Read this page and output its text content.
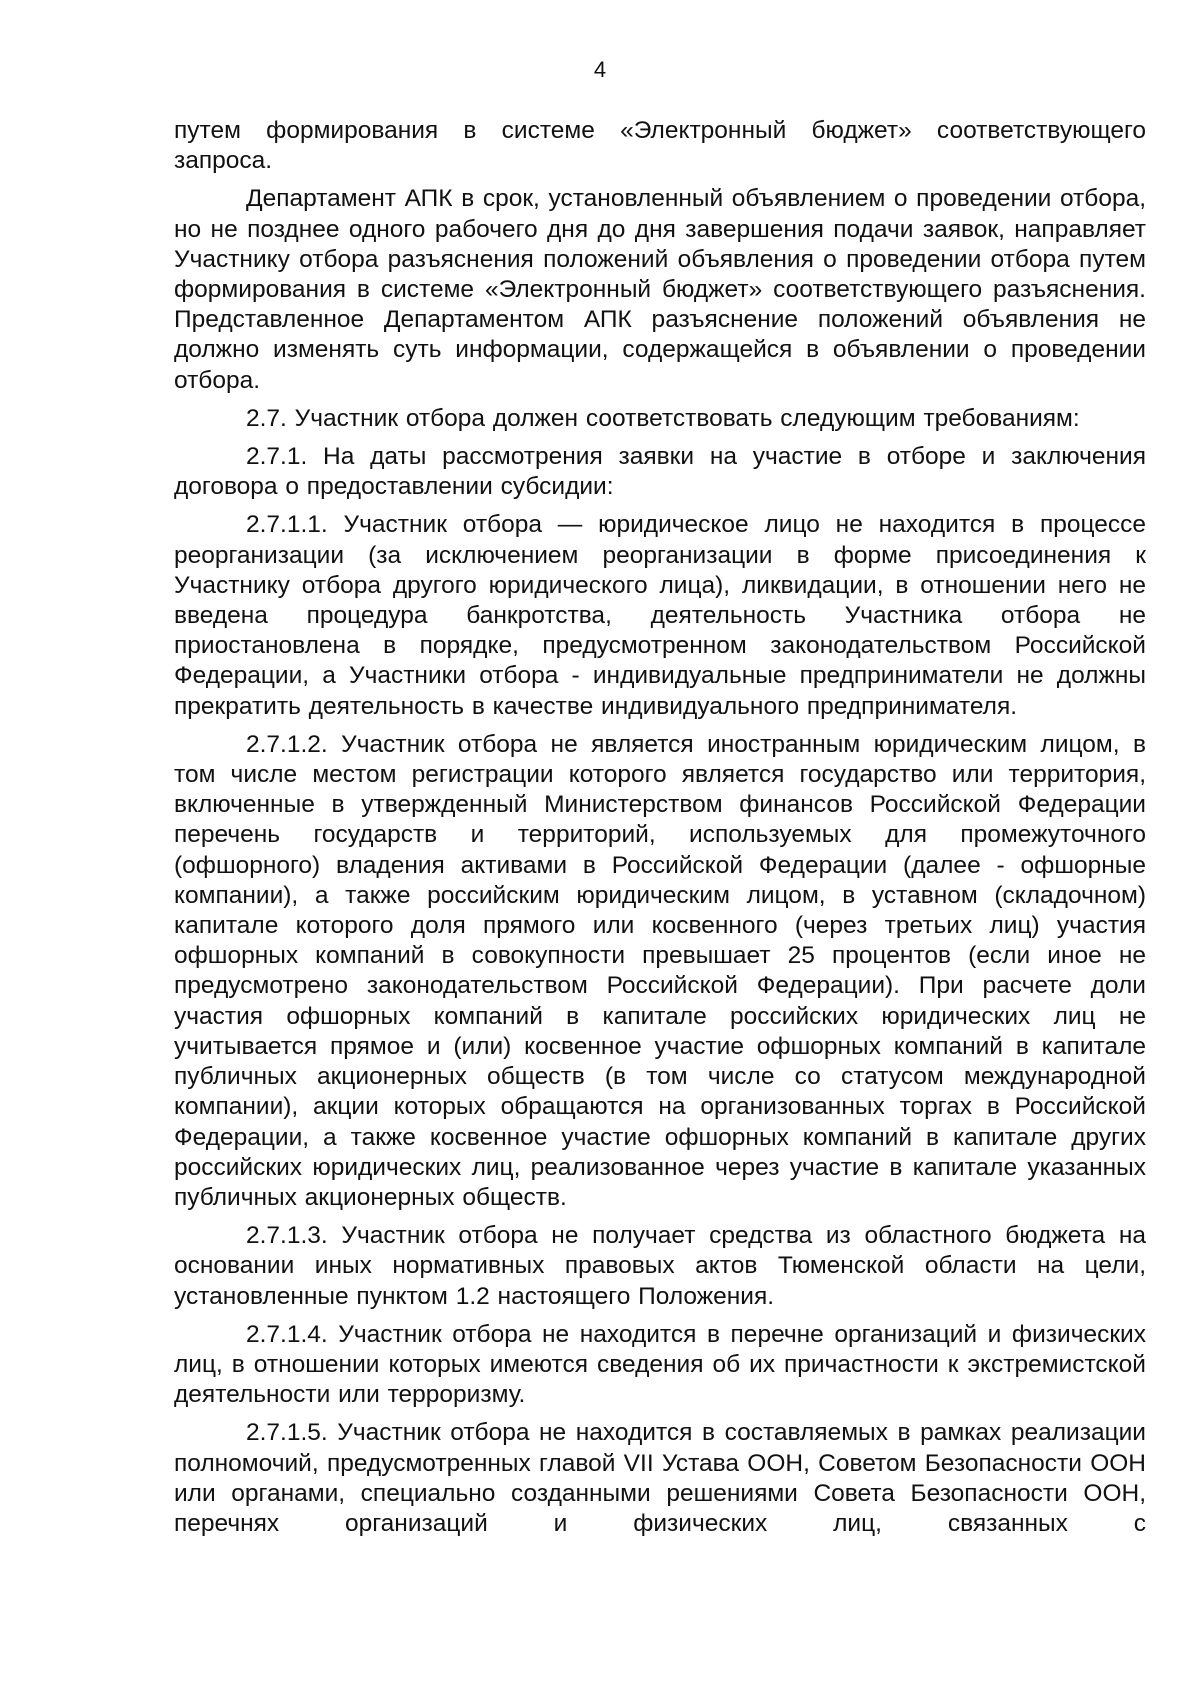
4

путем формирования в системе «Электронный бюджет» соответствующего запроса.

Департамент АПК в срок, установленный объявлением о проведении отбора, но не позднее одного рабочего дня до дня завершения подачи заявок, направляет Участнику отбора разъяснения положений объявления о проведении отбора путем формирования в системе «Электронный бюджет» соответствующего разъяснения. Представленное Департаментом АПК разъяснение положений объявления не должно изменять суть информации, содержащейся в объявлении о проведении отбора.

2.7. Участник отбора должен соответствовать следующим требованиям:

2.7.1. На даты рассмотрения заявки на участие в отборе и заключения договора о предоставлении субсидии:

2.7.1.1. Участник отбора — юридическое лицо не находится в процессе реорганизации (за исключением реорганизации в форме присоединения к Участнику отбора другого юридического лица), ликвидации, в отношении него не введена процедура банкротства, деятельность Участника отбора не приостановлена в порядке, предусмотренном законодательством Российской Федерации, а Участники отбора - индивидуальные предприниматели не должны прекратить деятельность в качестве индивидуального предпринимателя.

2.7.1.2. Участник отбора не является иностранным юридическим лицом, в том числе местом регистрации которого является государство или территория, включенные в утвержденный Министерством финансов Российской Федерации перечень государств и территорий, используемых для промежуточного (офшорного) владения активами в Российской Федерации (далее - офшорные компании), а также российским юридическим лицом, в уставном (складочном) капитале которого доля прямого или косвенного (через третьих лиц) участия офшорных компаний в совокупности превышает 25 процентов (если иное не предусмотрено законодательством Российской Федерации). При расчете доли участия офшорных компаний в капитале российских юридических лиц не учитывается прямое и (или) косвенное участие офшорных компаний в капитале публичных акционерных обществ (в том числе со статусом международной компании), акции которых обращаются на организованных торгах в Российской Федерации, а также косвенное участие офшорных компаний в капитале других российских юридических лиц, реализованное через участие в капитале указанных публичных акционерных обществ.

2.7.1.3. Участник отбора не получает средства из областного бюджета на основании иных нормативных правовых актов Тюменской области на цели, установленные пунктом 1.2 настоящего Положения.

2.7.1.4. Участник отбора не находится в перечне организаций и физических лиц, в отношении которых имеются сведения об их причастности к экстремистской деятельности или терроризму.

2.7.1.5. Участник отбора не находится в составляемых в рамках реализации полномочий, предусмотренных главой VII Устава ООН, Советом Безопасности ООН или органами, специально созданными решениями Совета Безопасности ООН, перечнях организаций и физических лиц, связанных с
